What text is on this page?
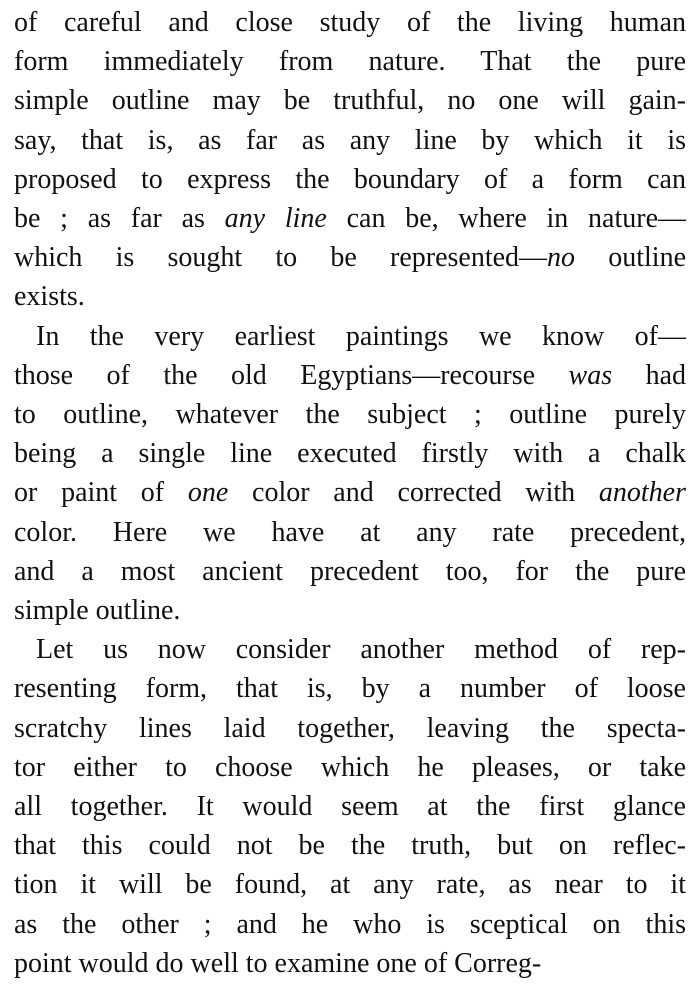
of careful and close study of the living human
form immediately from nature. That the pure
simple outline may be truthful, no one will gain-
say, that is, as far as any line by which it is
proposed to express the boundary of a form can
be ; as far as any line can be, where in nature—
which is sought to be represented—no outline
exists.
In the very earliest paintings we know of—
those of the old Egyptians—recourse was had
to outline, whatever the subject ; outline purely
being a single line executed firstly with a chalk
or paint of one color and corrected with another
color. Here we have at any rate precedent,
and a most ancient precedent too, for the pure
simple outline.
Let us now consider another method of rep-
resenting form, that is, by a number of loose
scratchy lines laid together, leaving the specta-
tor either to choose which he pleases, or take
all together. It would seem at the first glance
that this could not be the truth, but on reflec-
tion it will be found, at any rate, as near to it
as the other ; and he who is sceptical on this
point would do well to examine one of Correg-
